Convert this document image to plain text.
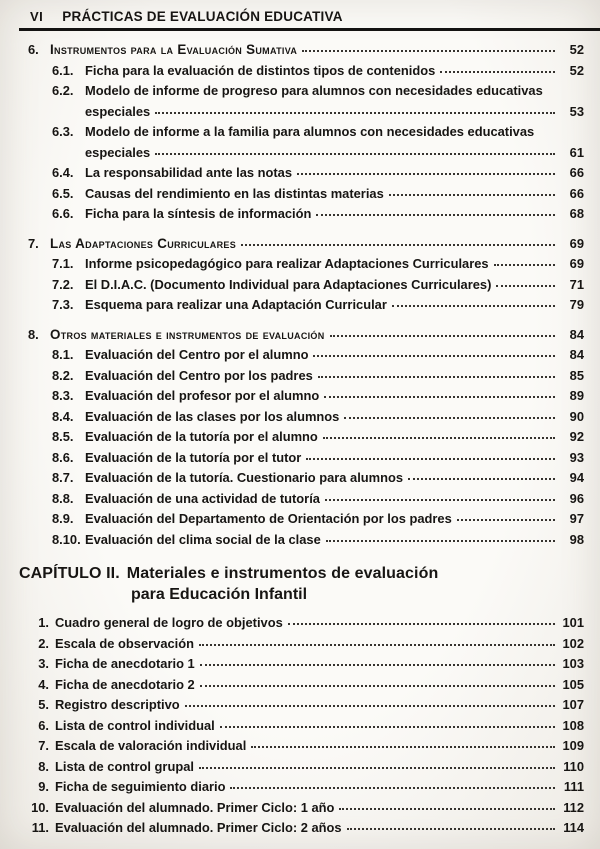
VI PRÁCTICAS DE EVALUACIÓN EDUCATIVA
6. Instrumentos para la Evaluación Sumativa	52
6.1. Ficha para la evaluación de distintos tipos de contenidos	52
6.2. Modelo de informe de progreso para alumnos con necesidades educativas
especiales	53
6.3. Modelo de informe a la familia para alumnos con necesidades educativas
especiales	61
6.4. La responsabilidad ante las notas	66
6.5. Causas del rendimiento en las distintas materias	66
6.6. Ficha para la síntesis de información	68
7. Las Adaptaciones Curriculares	69
7.1. Informe psicopedagógico para realizar Adaptaciones Curriculares	69
7.2. El D.I.A.C. (Documento Individual para Adaptaciones Curriculares)	71
7.3. Esquema para realizar una Adaptación Curricular	79
8. Otros materiales e instrumentos de evaluación	84
8.1. Evaluación del Centro por el alumno	84
8.2. Evaluación del Centro por los padres	85
8.3. Evaluación del profesor por el alumno	89
8.4. Evaluación de las clases por los alumnos	90
8.5. Evaluación de la tutoría por el alumno	92
8.6. Evaluación de la tutoría por el tutor	93
8.7. Evaluación de la tutoría. Cuestionario para alumnos	94
8.8. Evaluación de una actividad de tutoría	96
8.9. Evaluación del Departamento de Orientación por los padres	97
8.10. Evaluación del clima social de la clase	98
CAPÍTULO II. Materiales e instrumentos de evaluación
para Educación Infantil
1. Cuadro general de logro de objetivos	101
2. Escala de observación	102
3. Ficha de anecdotario 1	103
4. Ficha de anecdotario 2	105
5. Registro descriptivo	107
6. Lista de control individual	108
7. Escala de valoración individual	109
8. Lista de control grupal	110
9. Ficha de seguimiento diario	111
10. Evaluación del alumnado. Primer Ciclo: 1 año	112
11. Evaluación del alumnado. Primer Ciclo: 2 años	114
